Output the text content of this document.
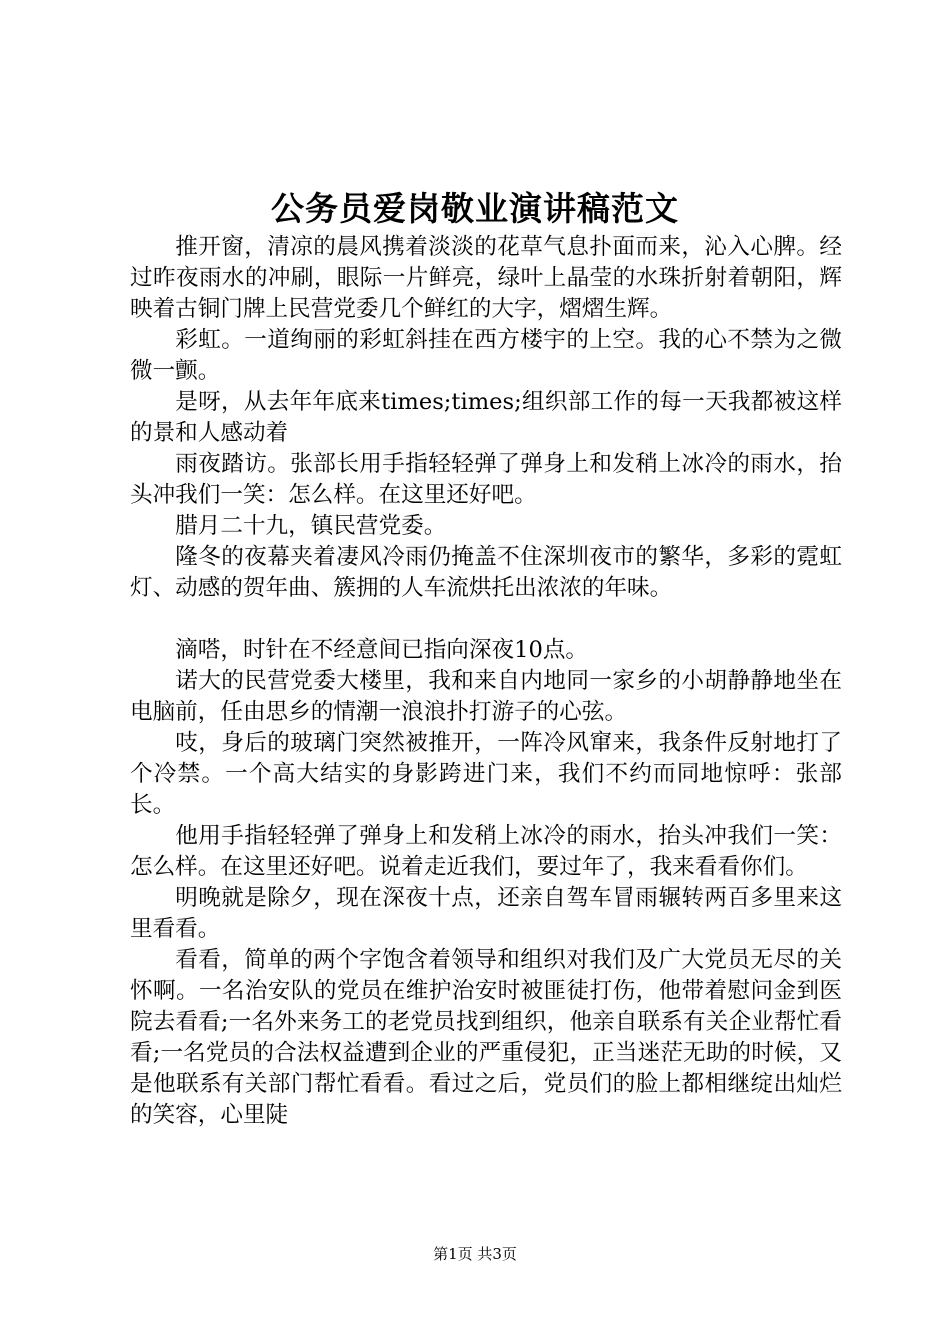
公务员爱岗敬业演讲稿范文

推开窗，清凉的晨风携着淡淡的花草气息扑面而来，沁入心脾。经过昨夜雨水的冲刷，眼际一片鲜亮，绿叶上晶莹的水珠折射着朝阳，辉映着古铜门牌上民营党委几个鲜红的大字，熠熠生辉。

彩虹。一道绚丽的彩虹斜挂在西方楼宇的上空。我的心不禁为之微微一颤。

是呀，从去年年底来times;times;组织部工作的每一天我都被这样的景和人感动着

雨夜踏访。张部长用手指轻轻弹了弹身上和发稍上冰冷的雨水，抬头冲我们一笑：怎么样。在这里还好吧。

腊月二十九，镇民营党委。

隆冬的夜幕夹着凄风冷雨仍掩盖不住深圳夜市的繁华，多彩的霓虹灯、动感的贺年曲、簇拥的人车流烘托出浓浓的年味。

滴嗒，时针在不经意间已指向深夜10点。

诺大的民营党委大楼里，我和来自内地同一家乡的小胡静静地坐在电脑前，任由思乡的情潮一浪浪扑打游子的心弦。

吱，身后的玻璃门突然被推开，一阵冷风窜来，我条件反射地打了个冷禁。一个高大结实的身影跨进门来，我们不约而同地惊呼：张部长。

他用手指轻轻弹了弹身上和发稍上冰冷的雨水，抬头冲我们一笑：怎么样。在这里还好吧。说着走近我们，要过年了，我来看看你们。

明晚就是除夕，现在深夜十点，还亲自驾车冒雨辗转两百多里来这里看看。

看看，简单的两个字饱含着领导和组织对我们及广大党员无尽的关怀啊。一名治安队的党员在维护治安时被匪徒打伤，他带着慰问金到医院去看看;一名外来务工的老党员找到组织，他亲自联系有关企业帮忙看看;一名党员的合法权益遭到企业的严重侵犯，正当迷茫无助的时候，又是他联系有关部门帮忙看看。看过之后，党员们的脸上都相继绽出灿烂的笑容，心里陡

第1页 共3页
